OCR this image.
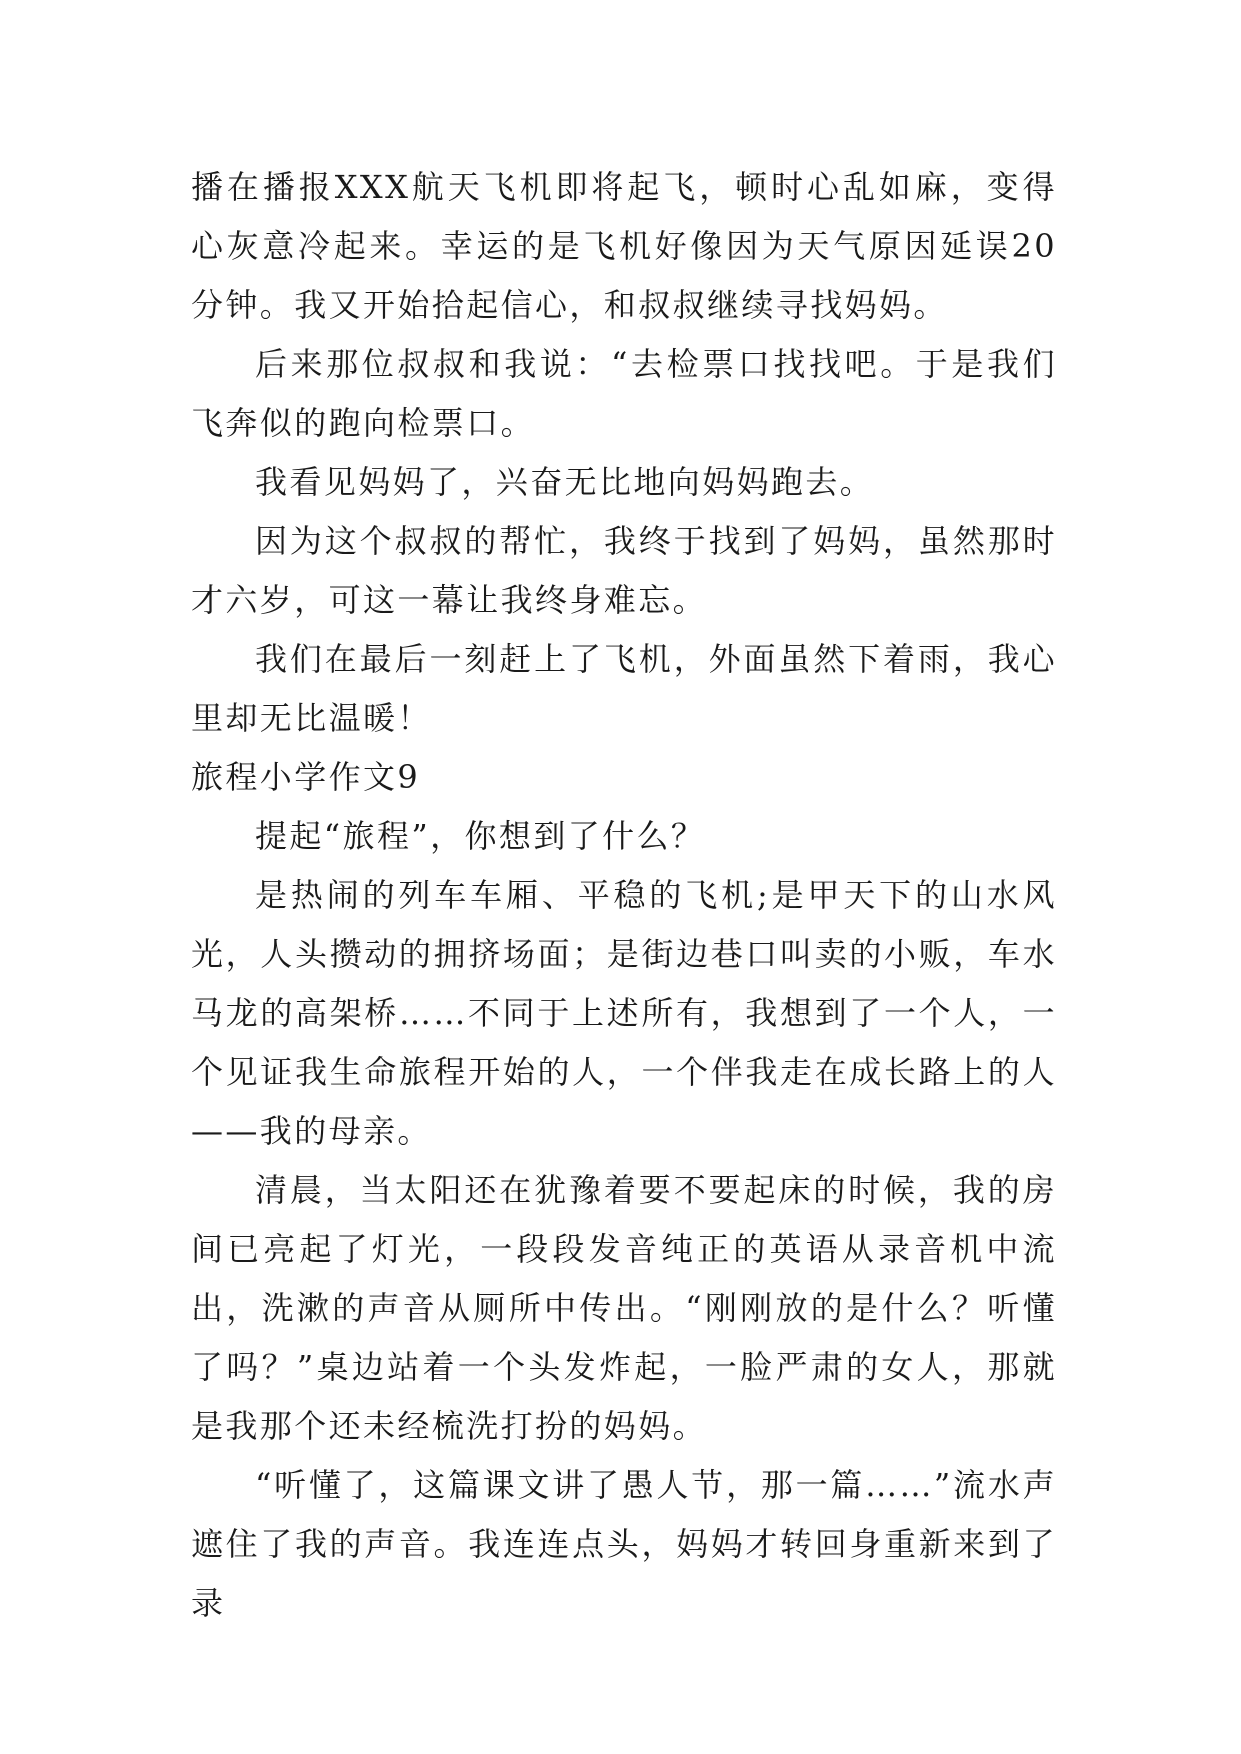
播在播报XXX航天飞机即将起飞，顿时心乱如麻，变得心灰意冷起来。幸运的是飞机好像因为天气原因延误20分钟。我又开始拾起信心，和叔叔继续寻找妈妈。

后来那位叔叔和我说：“去检票口找找吧。于是我们飞奔似的跑向检票口。

我看见妈妈了，兴奋无比地向妈妈跑去。

因为这个叔叔的帮忙，我终于找到了妈妈，虽然那时才六岁，可这一幕让我终身难忘。

我们在最后一刻赶上了飞机，外面虽然下着雨，我心里却无比温暖！

旅程小学作文9

提起“旅程”，你想到了什么？

是热闹的列车车厢、平稳的飞机;是甲天下的山水风光，人头攒动的拥挤场面；是街边巷口叫卖的小贩，车水马龙的高架桥……不同于上述所有，我想到了一个人，一个见证我生命旅程开始的人，一个伴我走在成长路上的人——我的母亲。

清晨，当太阳还在犹豫着要不要起床的时候，我的房间已亮起了灯光，一段段发音纯正的英语从录音机中流出，洗漱的声音从厕所中传出。“刚刚放的是什么？听懂了吗？”桌边站着一个头发炸起，一脸严肃的女人，那就是我那个还未经梳洗打扮的妈妈。

“听懂了，这篇课文讲了愚人节，那一篇……”流水声遮住了我的声音。我连连点头，妈妈才转回身重新来到了录
